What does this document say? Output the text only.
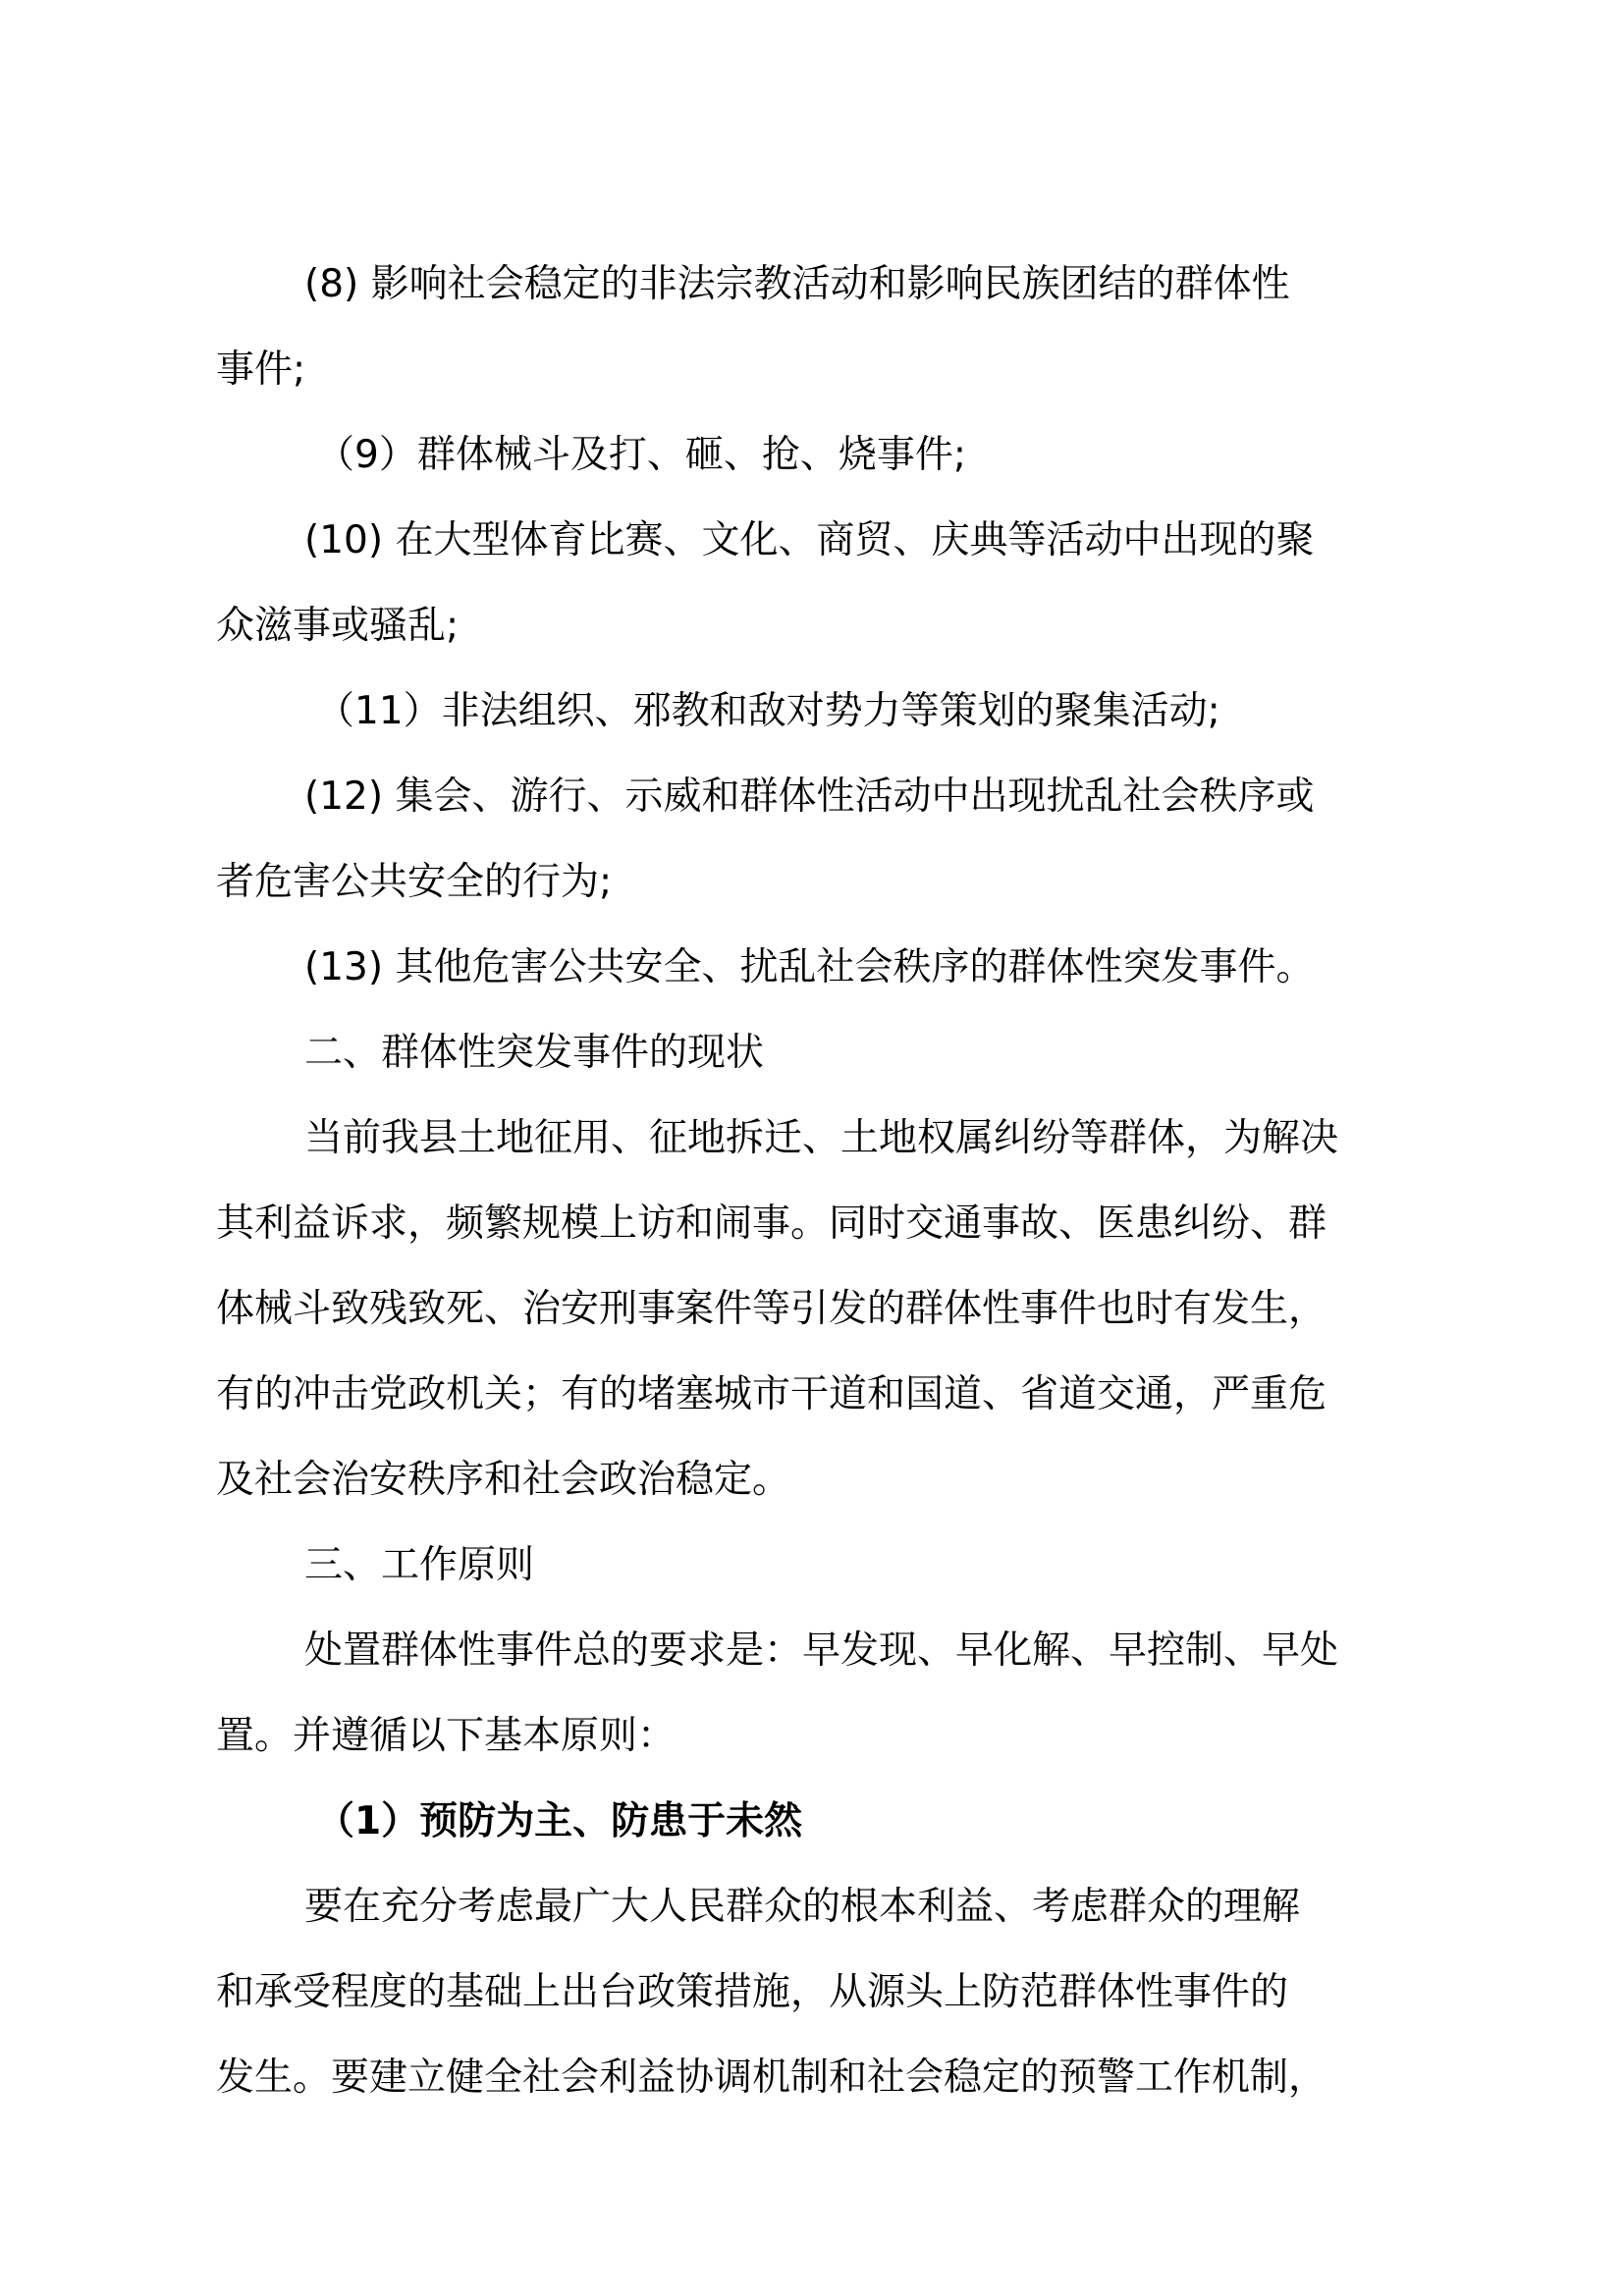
(8) 影响社会稳定的非法宗教活动和影响民族团结的群体性
事件;
（9）群体械斗及打、砸、抢、烧事件;
(10) 在大型体育比赛、文化、商贸、庆典等活动中出现的聚
众滋事或骚乱;
（11）非法组织、邪教和敌对势力等策划的聚集活动;
(12) 集会、游行、示威和群体性活动中出现扰乱社会秩序或
者危害公共安全的行为;
(13) 其他危害公共安全、扰乱社会秩序的群体性突发事件。
二、群体性突发事件的现状
当前我县土地征用、征地拆迁、土地权属纠纷等群体，为解决
其利益诉求，频繁规模上访和闹事。同时交通事故、医患纠纷、群
体械斗致残致死、治安刑事案件等引发的群体性事件也时有发生，
有的冲击党政机关；有的堵塞城市干道和国道、省道交通，严重危
及社会治安秩序和社会政治稳定。
三、工作原则
处置群体性事件总的要求是：早发现、早化解、早控制、早处
置。并遵循以下基本原则：
（1）预防为主、防患于未然
要在充分考虑最广大人民群众的根本利益、考虑群众的理解
和承受程度的基础上出台政策措施，从源头上防范群体性事件的
发生。要建立健全社会利益协调机制和社会稳定的预警工作机制，
